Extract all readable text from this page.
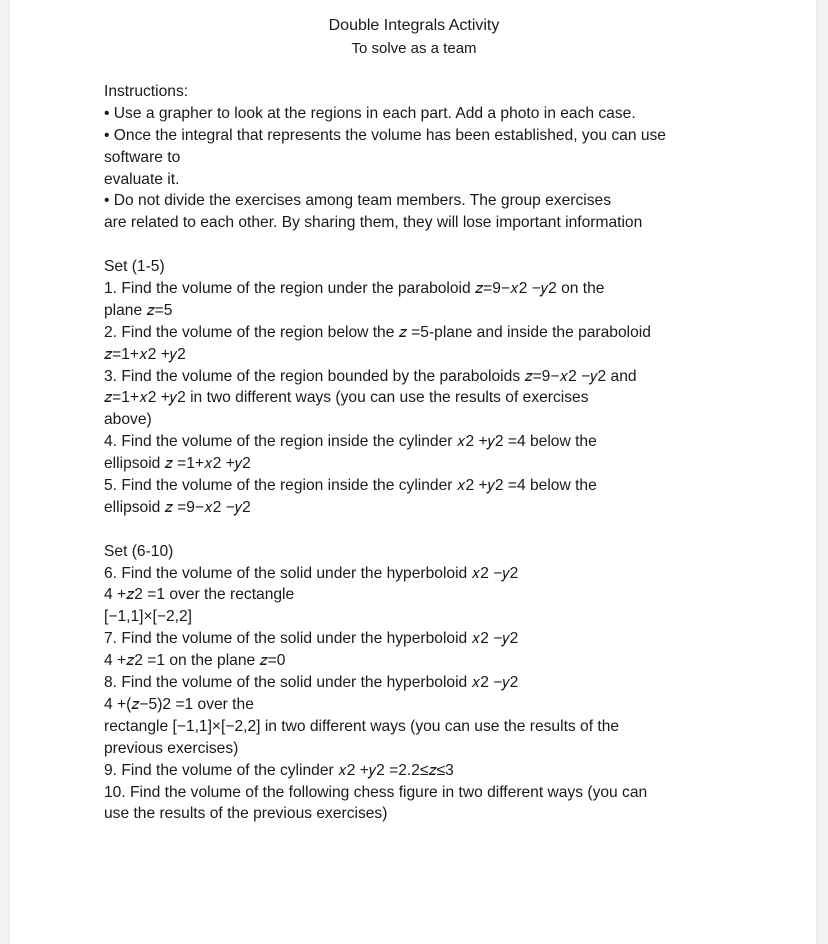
Double Integrals Activity
To solve as a team
Instructions:
• Use a grapher to look at the regions in each part. Add a photo in each case.
• Once the integral that represents the volume has been established, you can use
software to
evaluate it.
• Do not divide the exercises among team members. The group exercises
are related to each other. By sharing them, they will lose important information
Set (1-5)
1. Find the volume of the region under the paraboloid 𝑧=9−𝑥2 −𝑦2 on the
plane 𝑧=5
2. Find the volume of the region below the 𝑧 =5-plane and inside the paraboloid
𝑧=1+𝑥2 +𝑦2
3. Find the volume of the region bounded by the paraboloids 𝑧=9−𝑥2 −𝑦2 and
𝑧=1+𝑥2 +𝑦2 in two different ways (you can use the results of exercises
above)
4. Find the volume of the region inside the cylinder 𝑥2 +𝑦2 =4 below the
ellipsoid 𝑧 =1+𝑥2 +𝑦2
5. Find the volume of the region inside the cylinder 𝑥2 +𝑦2 =4 below the
ellipsoid 𝑧 =9−𝑥2 −𝑦2
Set (6-10)
6. Find the volume of the solid under the hyperboloid 𝑥2 −𝑦2
4 +𝑧2 =1 over the rectangle
[−1,1]×[−2,2]
7. Find the volume of the solid under the hyperboloid 𝑥2 −𝑦2
4 +𝑧2 =1 on the plane 𝑧=0
8. Find the volume of the solid under the hyperboloid 𝑥2 −𝑦2
4 +(𝑧−5)2 =1 over the
rectangle [−1,1]×[−2,2] in two different ways (you can use the results of the
previous exercises)
9. Find the volume of the cylinder 𝑥2 +𝑦2 =2.2≤𝑧≤3
10. Find the volume of the following chess figure in two different ways (you can
use the results of the previous exercises)
